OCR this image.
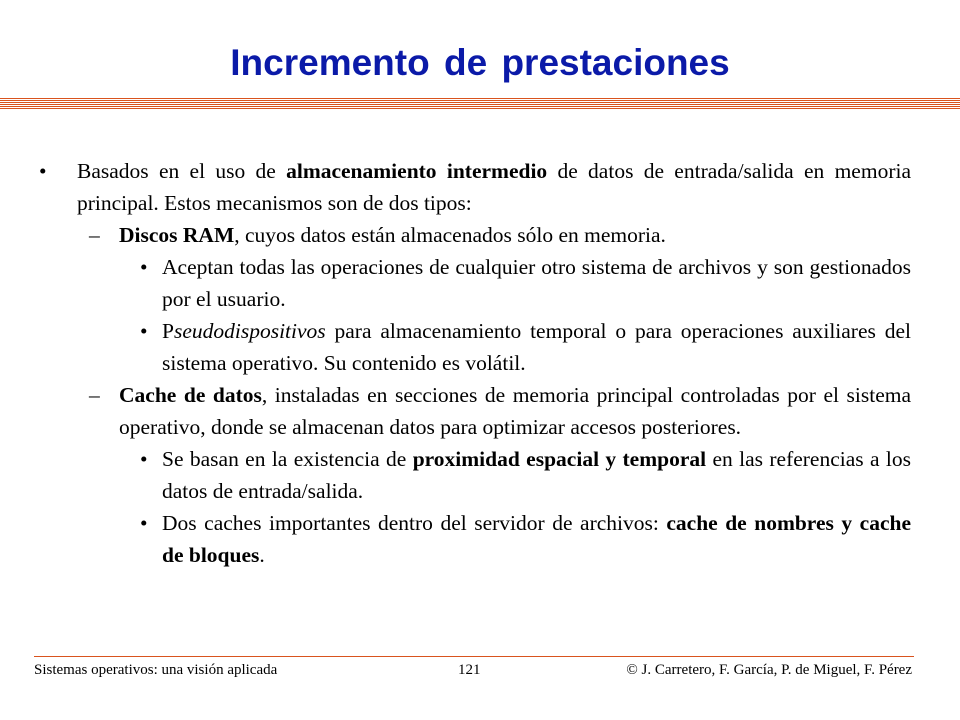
Incremento de prestaciones
• Basados en el uso de almacenamiento intermedio de datos de entrada/salida en memoria principal. Estos mecanismos son de dos tipos:
– Discos RAM, cuyos datos están almacenados sólo en memoria.
• Aceptan todas las operaciones de cualquier otro sistema de archivos y son gestionados por el usuario.
• Pseudodispositivos para almacenamiento temporal o para operaciones auxiliares del sistema operativo. Su contenido es volátil.
– Cache de datos, instaladas en secciones de memoria principal controladas por el sistema operativo, donde se almacenan datos para optimizar accesos posteriores.
• Se basan en la existencia de proximidad espacial y temporal en las referencias a los datos de entrada/salida.
• Dos caches importantes dentro del servidor de archivos: cache de nombres y cache de bloques.
Sistemas operativos: una visión aplicada	121	© J. Carretero, F. García, P. de Miguel, F. Pérez
